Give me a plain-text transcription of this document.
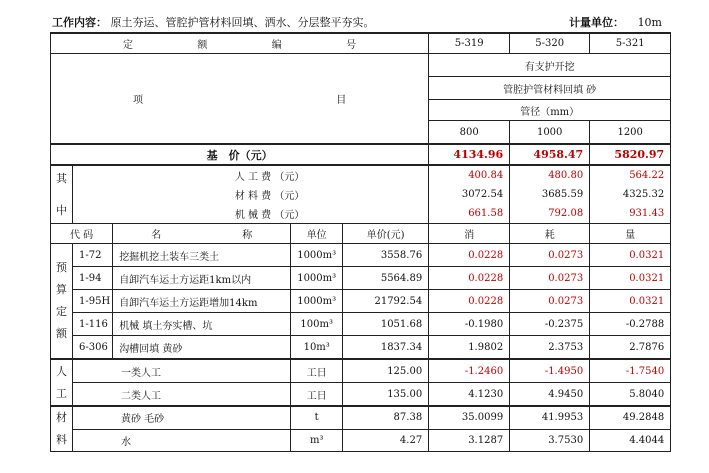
工作内容： 原土夯运、管腔护管材料回填、洒水、分层整平夯实。	计量单位： 10m
定 额 编 号					5-319	5-320	5-321

项 目					有支护开挖		
					管腔护管材料回填 砂		
					管径（mm）		
					800	1000	1200
基　价（元）					4134.96	4958.47	5820.97

其
中	人 工 费 （元）				400.84	480.80	564.22
	材 料 费 （元）				3072.54	3685.59	4325.32
	机 械 费 （元）				661.58	792.08	931.43
代 码		名 称	单位	单价(元)	消	耗	量

预
算
定
额	1-72	挖掘机挖土装车三类土	1000m³	3558.76	0.0228	0.0273	0.0321
	1-94	自卸汽车运土方运距1km以内	1000m³	5564.89	0.0228	0.0273	0.0321
	1-95H	自卸汽车运土方运距增加14km	1000m³	21792.54	0.0228	0.0273	0.0321
	1-116	机械 填土夯实槽、坑	100m³	1051.68	-0.1980	-0.2375	-0.2788
	6-306	沟槽回填 黄砂	10m³	1837.34	1.9802	2.3753	2.7876

人
工	一类人工		工日	125.00	-1.2460	-1.4950	-1.7540
	二类人工		工日	135.00	4.1230	4.9450	5.8040

材
料	黄砂 毛砂		t	87.38	35.0099	41.9953	49.2848
	水		m³	4.27	3.1287	3.7530	4.4044
